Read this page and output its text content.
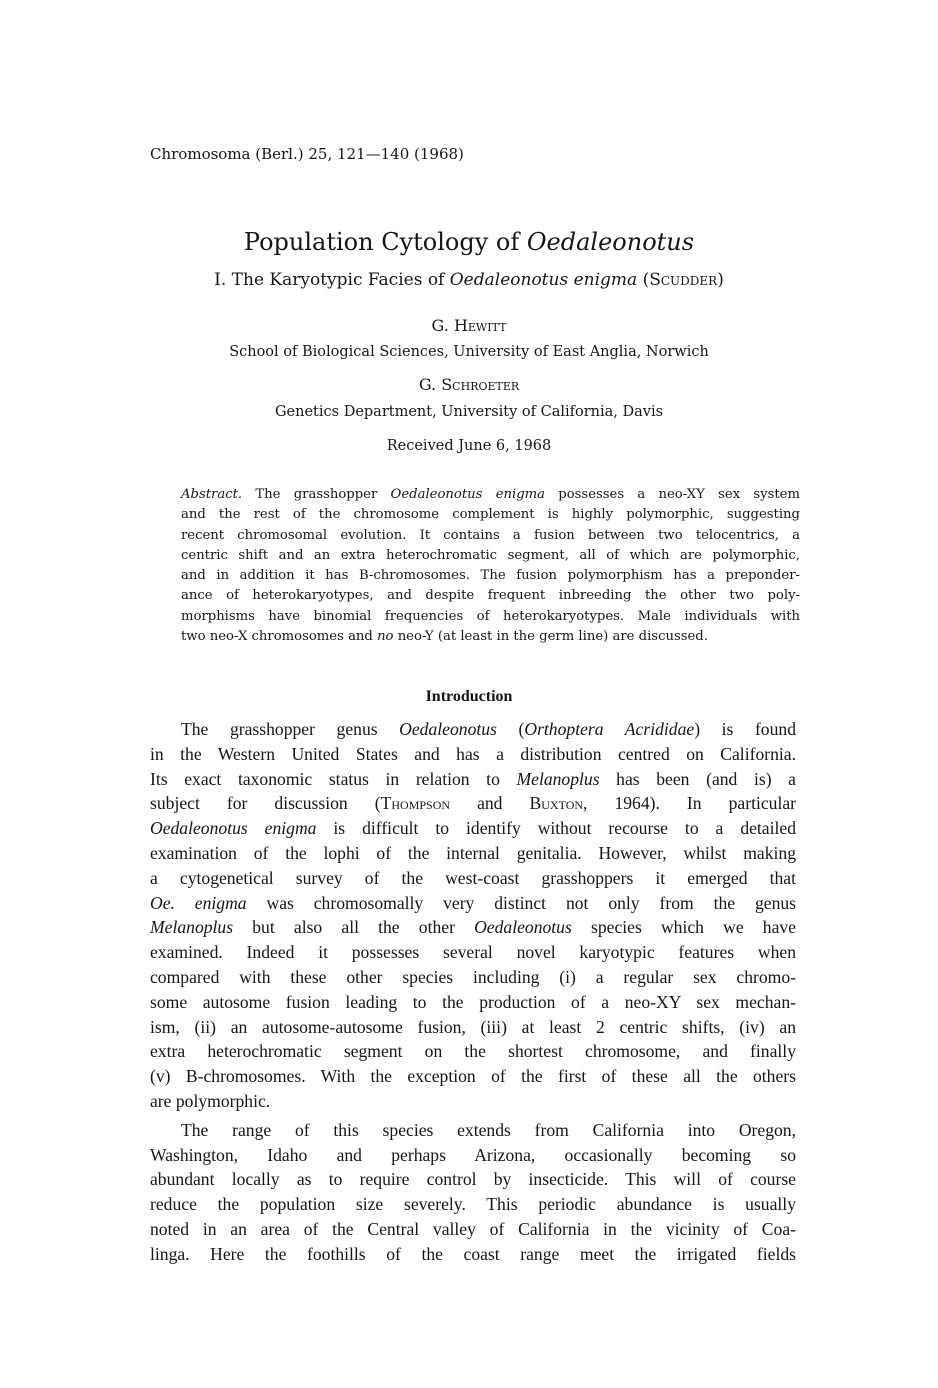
Chromosoma (Berl.) 25, 121—140 (1968)
Population Cytology of Oedaleonotus
I. The Karyotypic Facies of Oedaleonotus enigma (Scudder)
G. Hewitt
School of Biological Sciences, University of East Anglia, Norwich
G. Schroeter
Genetics Department, University of California, Davis
Received June 6, 1968

Abstract. The grasshopper Oedaleonotus enigma possesses a neo-XY sex system
and the rest of the chromosome complement is highly polymorphic, suggesting
recent chromosomal evolution. It contains a fusion between two telocentrics, a
centric shift and an extra heterochromatic segment, all of which are polymorphic,
and in addition it has B-chromosomes. The fusion polymorphism has a preponder-
ance of heterokaryotypes, and despite frequent inbreeding the other two poly-
morphisms have binomial frequencies of heterokaryotypes. Male individuals with
two neo-X chromosomes and no neo-Y (at least in the germ line) are discussed.

Introduction

The grasshopper genus Oedaleonotus (Orthoptera Acrididae) is found
in the Western United States and has a distribution centred on California.
Its exact taxonomic status in relation to Melanoplus has been (and is) a
subject for discussion (Thompson and Buxton, 1964). In particular
Oedaleonotus enigma is difficult to identify without recourse to a detailed
examination of the lophi of the internal genitalia. However, whilst making
a cytogenetical survey of the west-coast grasshoppers it emerged that
Oe. enigma was chromosomally very distinct not only from the genus
Melanoplus but also all the other Oedaleonotus species which we have
examined. Indeed it possesses several novel karyotypic features when
compared with these other species including (i) a regular sex chromo-
some autosome fusion leading to the production of a neo-XY sex mechan-
ism, (ii) an autosome-autosome fusion, (iii) at least 2 centric shifts, (iv) an
extra heterochromatic segment on the shortest chromosome, and finally
(v) B-chromosomes. With the exception of the first of these all the others
are polymorphic.

The range of this species extends from California into Oregon,
Washington, Idaho and perhaps Arizona, occasionally becoming so
abundant locally as to require control by insecticide. This will of course
reduce the population size severely. This periodic abundance is usually
noted in an area of the Central valley of California in the vicinity of Coa-
linga. Here the foothills of the coast range meet the irrigated fields
